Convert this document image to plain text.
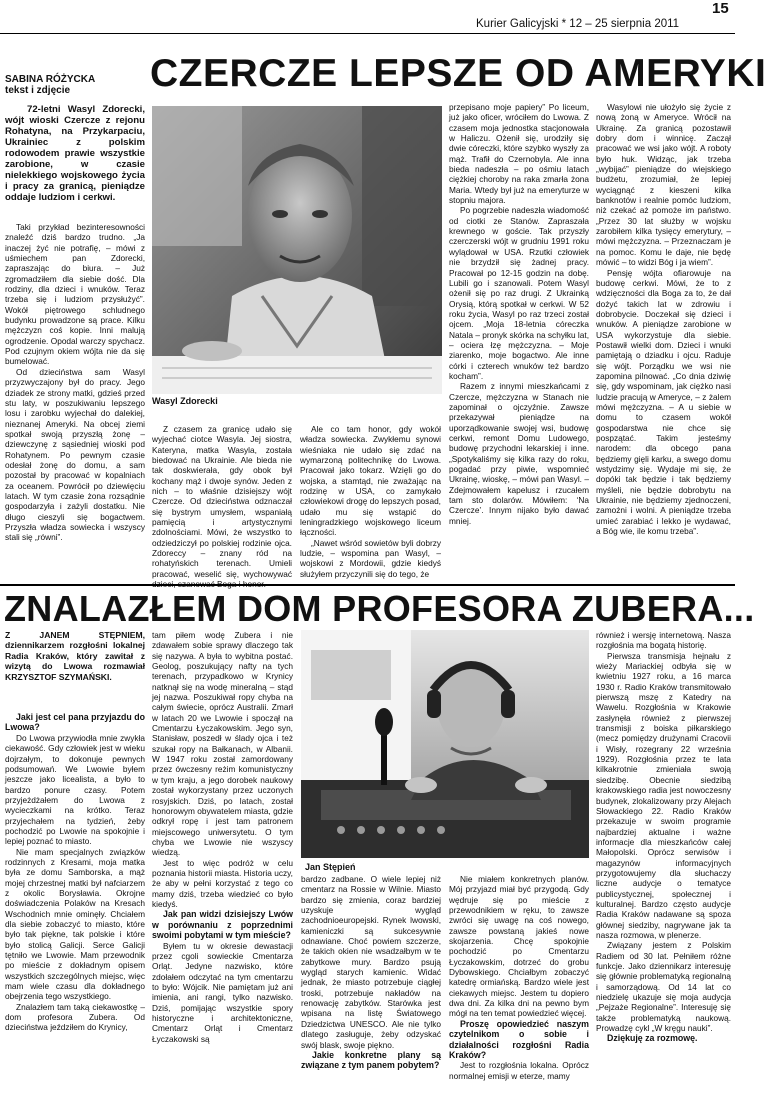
15
Kurier Galicyjski * 12 – 25 sierpnia 2011
SABINA RÓŻYCKA
tekst i zdjęcie	CZERCZE LEPSZE OD AMERYKI

72-letni Wasyl Zdorecki, wójt wioski Czercze z rejonu Rohatyna, na Przykarpaciu, Ukrainiec z polskim rodowodem prawie wszystkie zarobione, w czasie nielekkiego wojskowego życia i pracy za granicą, pieniądze oddaje ludziom i cerkwi.

Taki przykład bezinteresowności znaleźć dziś bardzo trudno. „Ja inaczej żyć nie potrafię, – mówi z uśmiechem pan Zdorecki, zapraszając do biura. – Już zgromadziłem dla siebie dość. Dla rodziny, dla dzieci i wnuków. Teraz trzeba się i ludziom przysłużyć”. Wokół piętrowego schludnego budynku prowadzone są prace. Kilku mężczyzn coś kopie. Inni malują ogrodzenie. Opodal warczy spychacz. Pod czujnym okiem wójta nie da się bumelować.

Od dzieciństwa sam Wasyl przyzwyczajony był do pracy. Jego dziadek ze strony matki, gdzieś przed stu laty, w poszukiwaniu lepszego losu i zarobku wyjechał do dalekiej, nieznanej Ameryki. Na obcej ziemi spotkał swoją przyszłą żonę – dziewczynę z sąsiedniej wioski pod Rohatynem. Po pewnym czasie odesłał żonę do domu, a sam pozostał by pracować w kopalniach za oceanem. Powrócił po dziewięciu latach. W tym czasie żona rozsądnie gospodarzyła i zażyli dostatku. Nie długo cieszyli się bogactwem. Przyszła władza sowiecka i wszyscy stali się „równi”.

Wasyl Zdorecki

Z czasem za granicę udało się wyjechać ciotce Wasyla. Jej siostra, Kateryna, matka Wasyla, została biedować na Ukrainie. Ale bieda nie tak doskwierała, gdy obok był kochany mąż i dwoje synów. Jeden z nich – to właśnie dzisiejszy wójt Czercze. Od dzieciństwa odznaczał się bystrym umysłem, wspaniałą pamięcią i artystycznymi zdolnościami. Mówi, że wszystko to odziedziczył po polskiej rodzinie ojca. Zdoreccy – znany ród na rohatyńskich terenach. Umieli pracować, weselić się, wychowywać

Ale co tam honor, gdy wokół władza sowiecka. Zwykłemu synowi wieśniaka nie udało się zdać na wymarzoną politechnikę do Lwowa. Pracował jako tokarz. Wzięli go do wojska, a stamtąd, nie zważając na rodzinę w USA, co zamykało człowiekowi drogę do lepszych posad, udało mu się wstąpić do leningradzkiego wojskowego liceum łączności.

„Nawet wśród sowietów byli dobrzy ludzie, – wspomina pan Wasyl, – wojskowi z Mordowii, gdzie kiedyś służyłem przyczynili się do tego, że

przepisano moje papiery” Po liceum, już jako oficer, wróciłem do Lwowa. Z czasem moja jednostka stacjonowała w Haliczu. Ożenił się, urodziły się dwie córeczki, które szybko wyszły za mąż. Trafił do Czernobyla. Ale inna bieda nadeszła – po ośmiu latach ciężkiej choroby na raka zmarła żona Maria. Wtedy był już na emeryturze w stopniu majora.

Po pogrzebie nadeszła wiadomość od ciotki ze Stanów. Zapraszała krewnego w goście. Tak przyszły czerczerski wójt w grudniu 1991 roku wylądował w USA. Rzutki człowiek nie brzydził się żadnej pracy. Pracował po 12-15 godzin na dobę. Lubili go i szanowali. Potem Wasyl ożenił się po raz drugi. Z Ukrainką Orysią, którą spotkał w cerkwi. W 52 roku życia, Wasyl po raz trzeci został ojcem. „Moja 18-letnia córeczka Natala – pronyk skórka na schyłku lat, – ociera łzę mężczyzna. – Moje ziarenko, moje bogactwo. Ale inne córki i czterech wnuków też bardzo kocham”.

Razem z innymi mieszkańcami z Czercze, mężczyzna w Stanach nie zapominał o ojczyźnie. Zawsze przekazywał pieniądze na uporządkowanie swojej wsi, budowę cerkwi, remont Domu Ludowego, budowę przychodni lekarskiej i inne. „Spotykaliśmy się kilka razy do roku, pogadać przy piwie, wspomnieć Ukrainę, wioskę, – mówi pan Wasyl. – Zdejmowałem kapelusz i rzucałem tam sto dolarów. Mówiłem: ‘Na Czercze’. Innym nijako było dawać mniej.

Wasylowi nie ułożyło się życie z nową żoną w Ameryce. Wrócił na Ukrainę. Za granicą pozostawił dobry dom i winnicę. Zaczął pracować we wsi jako wójt. A roboty było huk. Widząc, jak trzeba „wybijać” pieniądze do wiejskiego budżetu, zrozumiał, że lepiej wyciągnąć z kieszeni kilka banknotów i realnie pomóc ludziom, niż czekać aż pomoże im państwo. „Przez 30 lat służby w wojsku zarobiłem kilka tysięcy emerytury, – mówi mężczyzna. – Przeznaczam je na pomoc. Komu le daje, nie będę mówić – to widzi Bóg i ja wiem”.

Pensję wójta ofiarowuje na budowę cerkwi. Mówi, że to z wdzięczności dla Boga za to, że dał dożyć takich lat w zdrowiu i dobrobycie. Doczekał się dzieci i wnuków. A pieniądze zarobione w USA wykorzystuje dla siebie. Postawił wielki dom. Dzieci i wnuki pamiętają o dziadku i ojcu. Raduje się wójt. Porządku we wsi nie zapomina pilnować. „Co dnia dziwię się, gdy wspominam, jak ciężko nasi ludzie pracują w Ameryce, – z żalem mówi mężczyzna. – A u siebie w domu to czasem wokół gospodarstwa nie chce się pospzątać. Takim jesteśmy narodem: dla obcego pana będziemy gięli karku, a swego domu wstydzimy się. Wydaje mi się, że dopóki tak będzie i tak będziemy myśleli, nie będzie dobrobytu na Ukrainie, nie będziemy zjednoczeni, zamożni i wolni. A pieniądze trzeba umieć zarabiać i lekko je wydawać, a Bóg wie, ile komu trzeba”.

ZNALAZŁEM DOM PROFESORA ZUBERA...

Z JANEM STĘPNIEM, dziennikarzem rozgłośni lokalnej Radia Kraków, który zawitał z wizytą do Lwowa rozmawiał KRZYSZTOF SZYMAŃSKI.

Jaki jest cel pana przyjazdu do Lwowa?

Do Lwowa przywiodła mnie zwykła ciekawość. Gdy człowiek jest w wieku dojrzałym, to dokonuje pewnych podsumowań. We Lwowie byłem jeszcze jako licealista, a było to bardzo ponure czasy. Potem przyjeżdżałem do Lwowa z wycieczkami na krótko. Teraz przyjechałem na tydzień, żeby pochodzić po Lwowie na spokojnie i lepiej poznać to miasto.

Nie mam specjalnych związków rodzinnych z Kresami, moja matka była ze domu Samborska, a mąż mojej chrzestnej matki był nafciarzem z okolic Borysławia. Okrojne doświadczenia Polaków na Kresach Wschodnich mnie ominęły. Chciałem dla siebie zobaczyć to miasto, które było tak piękne, tak polskie i które było stolicą Galicji. Serce Galicji tętniło we Lwowie. Mam przewodnik po mieście z dokładnym opisem wszystkich szczególnych miejsc, więc mam wiele czasu dla dokładnego obejrzenia tego wszystkiego.

Znalazłem tam taką ciekawostkę – dom profesora Zubera. Od dzieciństwa jeździłem do Krynicy,

tam piłem wodę Zubera i nie zdawałem sobie sprawy dlaczego tak się nazywa. A była to wybitna postać. Geolog, poszukujący nafty na tych terenach, przypadkowo w Krynicy natknął się na wodę mineralną – stąd jej nazwa. Poszukiwał ropy chyba na całym świecie, oprócz Australii. Zmarł w latach 20 we Lwowie i spoczął na Cmentarzu Łyczakowskim. Jego syn, Stanisław, poszedł w ślady ojca i też szukał ropy na Bałkanach, w Albanii. W 1947 roku został zamordowany przez ówczesny reżim komunistyczny w tym kraju, a jego dorobek naukowy został wykorzystany przez uczonych rosyjskich. Dziś, po latach, został honorowym obywatelem miasta, gdzie odkrył ropę i jest tam patronem miejscowego uniwersytetu. O tym chyba we Lwowie nie wszyscy wiedzą.

Jest to więc podróż w celu poznania historii miasta. Historia uczy, że aby w pełni korzystać z tego co mamy dziś, trzeba wiedzieć co było kiedyś.

Jak pan widzi dzisiejszy Lwów w porównaniu z poprzednimi swoimi pobytami w tym mieście?

Byłem tu w okresie dewastacji przez cgoli sowieckie Cmentarza Orląt. Jedyne nazwisko, które zdołałem odczytać na tym cmentarzu to było: Wójcik. Nie pamiętam już ani imienia, ani rangi, tylko nazwisko. Dziś, pomijając wszystkie spory historyczne i architektoniczne, Cmentarz Orląt i Cmentarz Łyczakowski są

Jan Stępień

bardzo zadbane. O wiele lepiej niż cmentarz na Rossie w Wilnie. Miasto bardzo się zmienia, coraz bardziej uzyskuje wygląd zachodnioeuropejski. Rynek lwowski, kamieniczki są sukcesywnie odnawiane. Choć powiem szczerze, że takich okien nie wsadzałbym w te zabytkowe mury. Bardzo psują wygląd starych kamienic. Widać jednak, że miasto potrzebuje ciągłej troski, potrzebuje nakładów na renowację zabytków. Starówka jest wpisana na listę Światowego Dziedzictwa UNESCO. Ale nie tylko dlatego zasługuje, żeby odzyskać swój blask, swoje piękno.

Jakie konkretne plany są związane z tym panem pobytem?

Nie miałem konkretnych planów. Mój przyjazd miał być przygodą. Gdy wędruje się po mieście z przewodnikiem w ręku, to zawsze zwróci się uwagę na coś nowego, zawsze powstaną jakieś nowe skojarzenia. Chcę spokojnie pochodzić po Cmentarzu Łyczakowskim, dotrzeć do grobu Dybowskiego. Chciałbym zobaczyć katedrę ormiańską. Bardzo wiele jest ciekawych miejsc. Jestem tu dopiero dwa dni. Za kilka dni na pewno bym mógł na ten temat powiedzieć więcej.

Proszę opowiedzieć naszym czytelnikom o sobie i działalności rozgłośni Radia Kraków?

Jest to rozgłośnia lokalna. Oprócz normalnej emisji w eterze, mamy

również i wersję internetową. Nasza rozgłośnia ma bogatą historię.

Pierwsza transmisja hejnału z wieży Mariackiej odbyła się w kwietniu 1927 roku, a 16 marca 1930 r. Radio Kraków transmitowało pierwszą mszę z Katedry na Wawelu. Rozgłośnia w Krakowie zasłynęła również z pierwszej transmisji z boiska piłkarskiego (mecz pomiędzy drużynami Cracovii i Wisły, rozegrany 22 września 1929). Rozgłośnia przez te lata kilkakrotnie zmieniała swoją siedzibę. Obecnie siedzibą krakowskiego radia jest nowoczesny budynek, zlokalizowany przy Alejach Słowackiego 22. Radio Kraków przekazuje w swoim programie najbardziej aktualne i ważne informacje dla mieszkańców całej Małopolski. Oprócz serwisów i magazynów informacyjnych przygotowujemy dla słuchaczy liczne audycje o tematyce publicystycznej, społecznej i kulturalnej. Bardzo często audycje Radia Kraków nadawane są spoza głównej siedziby, nagrywane jak ta nasza rozmowa, w plenerze.

Związany jestem z Polskim Radiem od 30 lat. Pełniłem różne funkcje. Jako dziennikarz interesuję się głównie problematyką regionalną i samorządową. Od 14 lat co niedzielę ukazuje się moja audycja „Pejzaże Regionalne”. Interesuję się także problematyką naukową. Prowadzę cykl „W kręgu nauki”.

Dziękuję za rozmowę.
